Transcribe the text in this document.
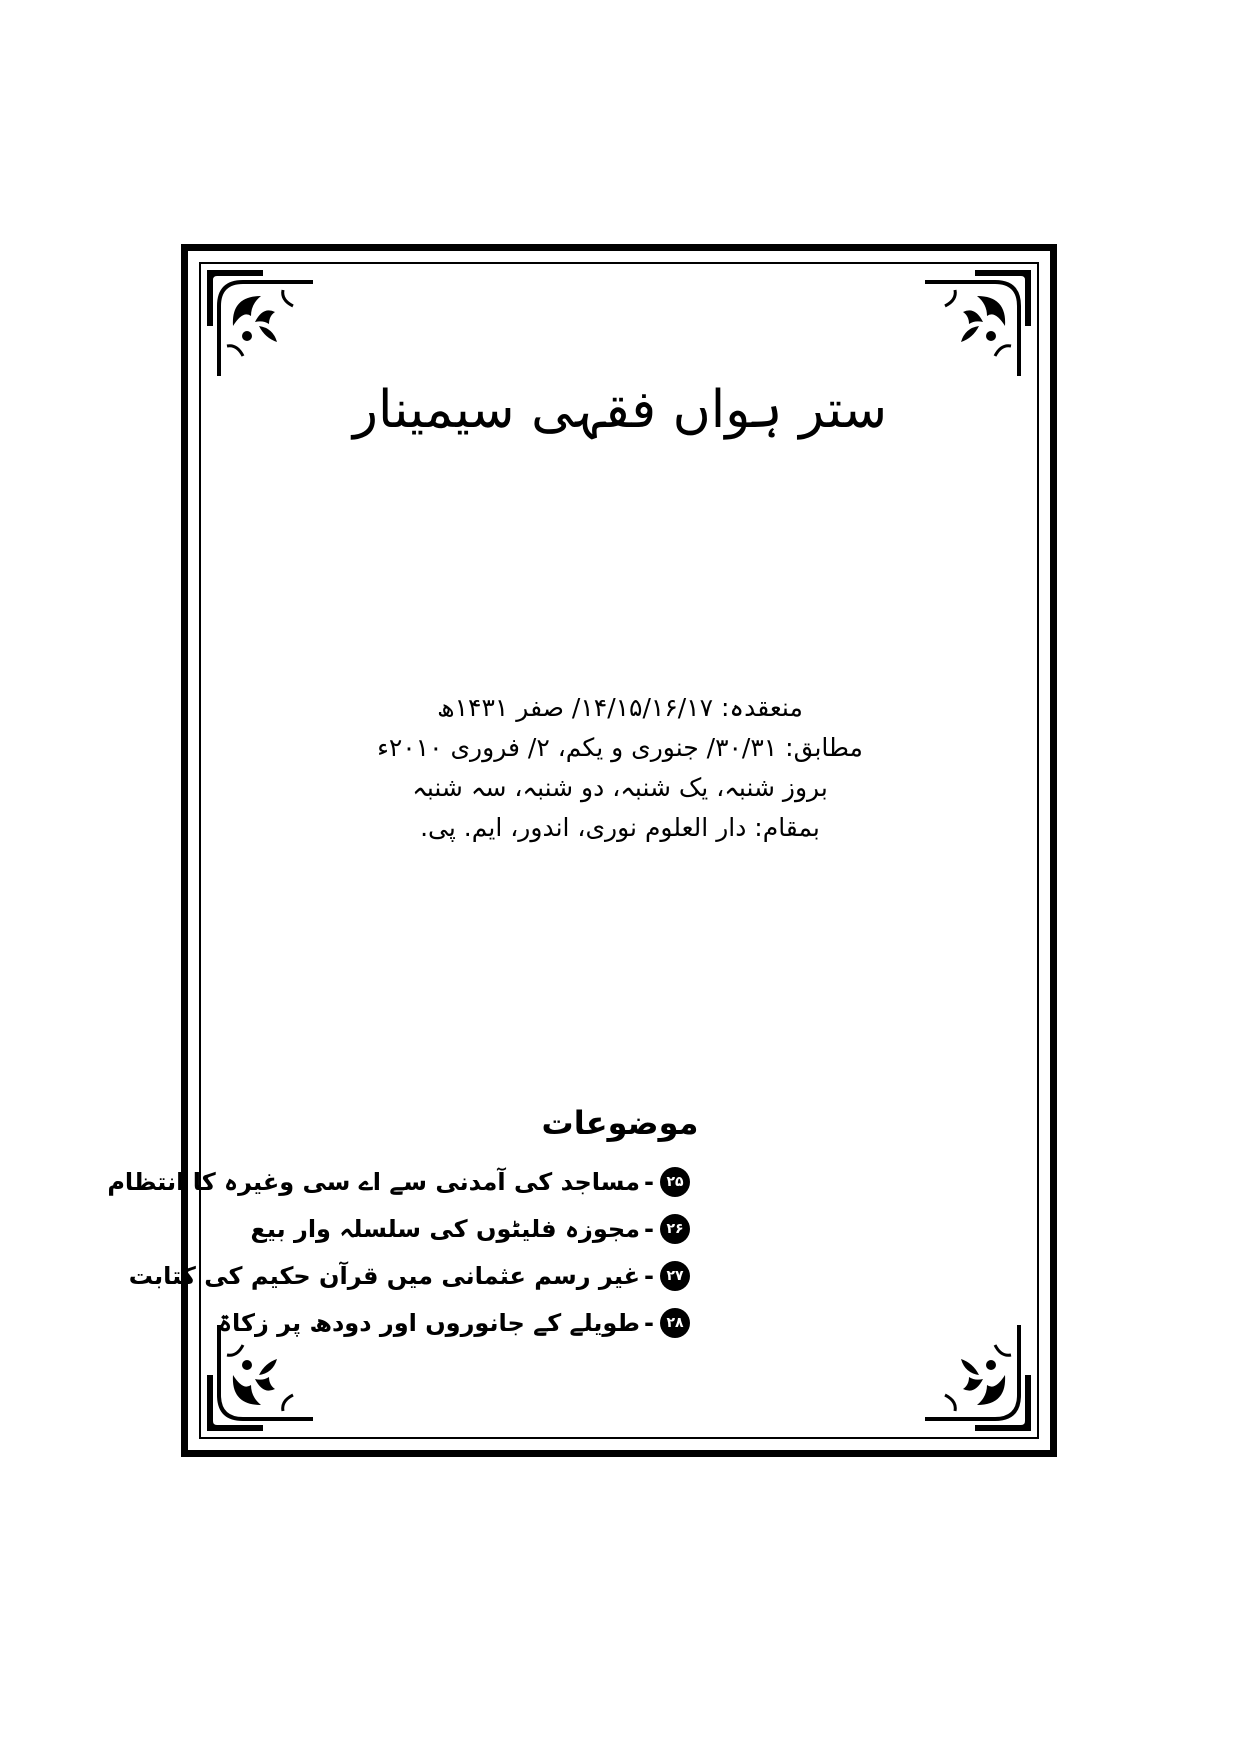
ستر ہواں فقہی سیمینار
منعقدہ: ۱۴/۱۵/۱۶/۱۷/ صفر ۱۴۳۱ھ
مطابق: ۳۰/۳۱/ جنوری و یکم، ۲/ فروری ۲۰۱۰ء
بروز شنبہ، یک شنبہ، دو شنبہ، سہ شنبہ
بمقام: دار العلوم نوری، اندور، ایم. پی.
موضوعات
۲۵
-
مساجد کی آمدنی سے اے سی وغیرہ کا انتظام
۲۶
-
مجوزہ فلیٹوں کی سلسلہ وار بیع
۲۷
-
غیر رسم عثمانی میں قرآن حکیم کی کتابت
۲۸
-
طویلے کے جانوروں اور دودھ پر زکاۃ
